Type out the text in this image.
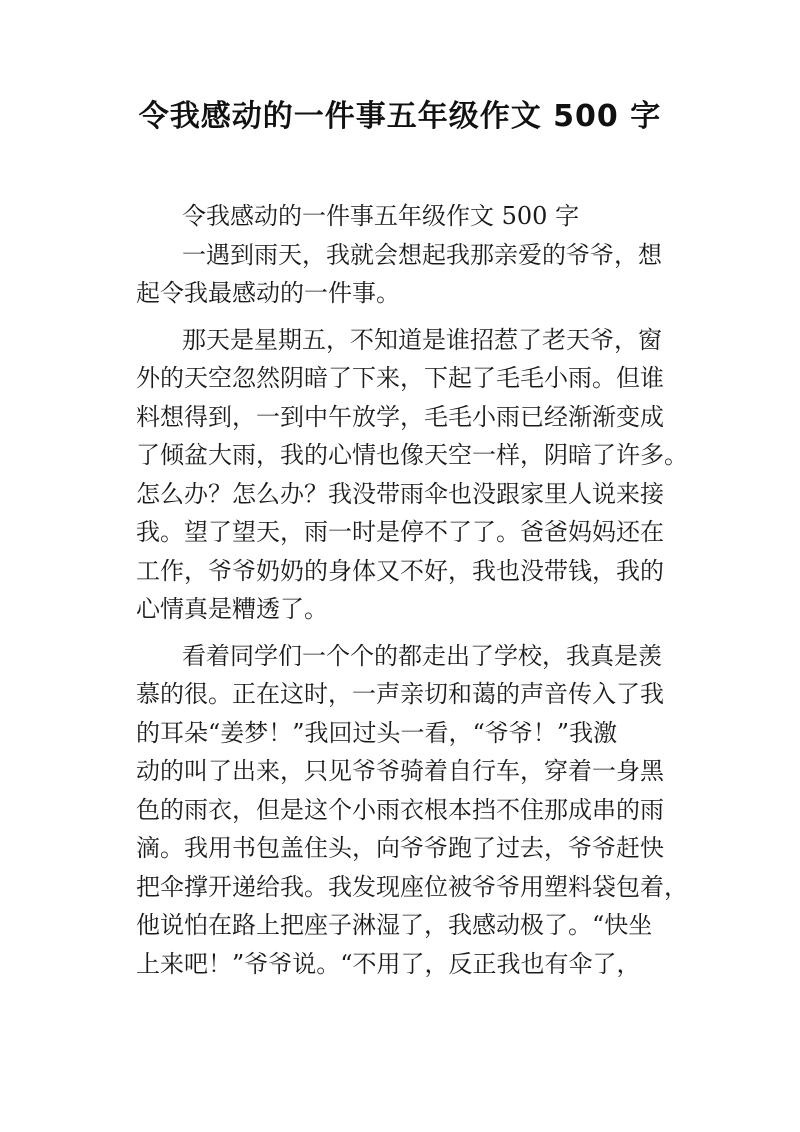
令我感动的一件事五年级作文 500 字
令我感动的一件事五年级作文 500 字
一遇到雨天，我就会想起我那亲爱的爷爷，想
起令我最感动的一件事。
那天是星期五，不知道是谁招惹了老天爷，窗
外的天空忽然阴暗了下来，下起了毛毛小雨。但谁
料想得到，一到中午放学，毛毛小雨已经渐渐变成
了倾盆大雨，我的心情也像天空一样，阴暗了许多。
怎么办？怎么办？我没带雨伞也没跟家里人说来接
我。望了望天，雨一时是停不了了。爸爸妈妈还在
工作，爷爷奶奶的身体又不好，我也没带钱，我的
心情真是糟透了。
看着同学们一个个的都走出了学校，我真是羡
慕的很。正在这时，一声亲切和蔼的声音传入了我
的耳朵“姜梦！”我回过头一看，“爷爷！”我激
动的叫了出来，只见爷爷骑着自行车，穿着一身黑
色的雨衣，但是这个小雨衣根本挡不住那成串的雨
滴。我用书包盖住头，向爷爷跑了过去，爷爷赶快
把伞撑开递给我。我发现座位被爷爷用塑料袋包着，
他说怕在路上把座子淋湿了，我感动极了。“快坐
上来吧！”爷爷说。“不用了，反正我也有伞了，
